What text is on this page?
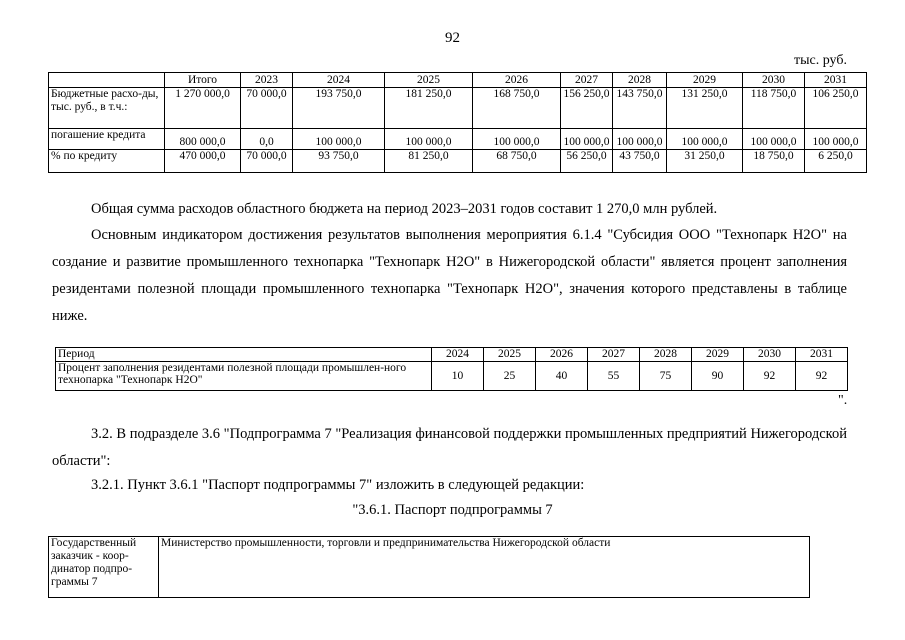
92
тыс. руб.
	Итого	2023	2024	2025	2026	2027	2028	2029	2030	2031
Бюджетные расхо-ды, тыс. руб., в т.ч.:	1 270 000,0	70 000,0	193 750,0	181 250,0	168 750,0	156 250,0	143 750,0	131 250,0	118 750,0	106 250,0
погашение кредита	800 000,0	0,0	100 000,0	100 000,0	100 000,0	100 000,0	100 000,0	100 000,0	100 000,0	100 000,0
% по кредиту	470 000,0	70 000,0	93 750,0	81 250,0	68 750,0	56 250,0	43 750,0	31 250,0	18 750,0	6 250,0
Общая сумма расходов областного бюджета на период 2023–2031 годов составит 1 270,0 млн рублей.
Основным индикатором достижения результатов выполнения мероприятия 6.1.4 "Субсидия ООО "Технопарк Н2О" на создание и развитие промышленного технопарка "Технопарк Н2О" в Нижегородской области" является процент заполнения резидентами полезной площади промышленного технопарка "Технопарк Н2О", значения которого представлены в таблице ниже.
Период	2024	2025	2026	2027	2028	2029	2030	2031
Процент заполнения резидентами полезной площади промышлен-ного технопарка "Технопарк Н2О"	10	25	40	55	75	90	92	92
".
3.2. В подразделе 3.6 "Подпрограмма 7 "Реализация финансовой поддержки промышленных предприятий Нижегородской области":
3.2.1. Пункт 3.6.1 "Паспорт подпрограммы 7" изложить в следующей редакции:
"3.6.1. Паспорт подпрограммы 7
Государственный заказчик - коор-динатор подпро-граммы 7	Министерство промышленности, торговли и предпринимательства Нижегородской области
